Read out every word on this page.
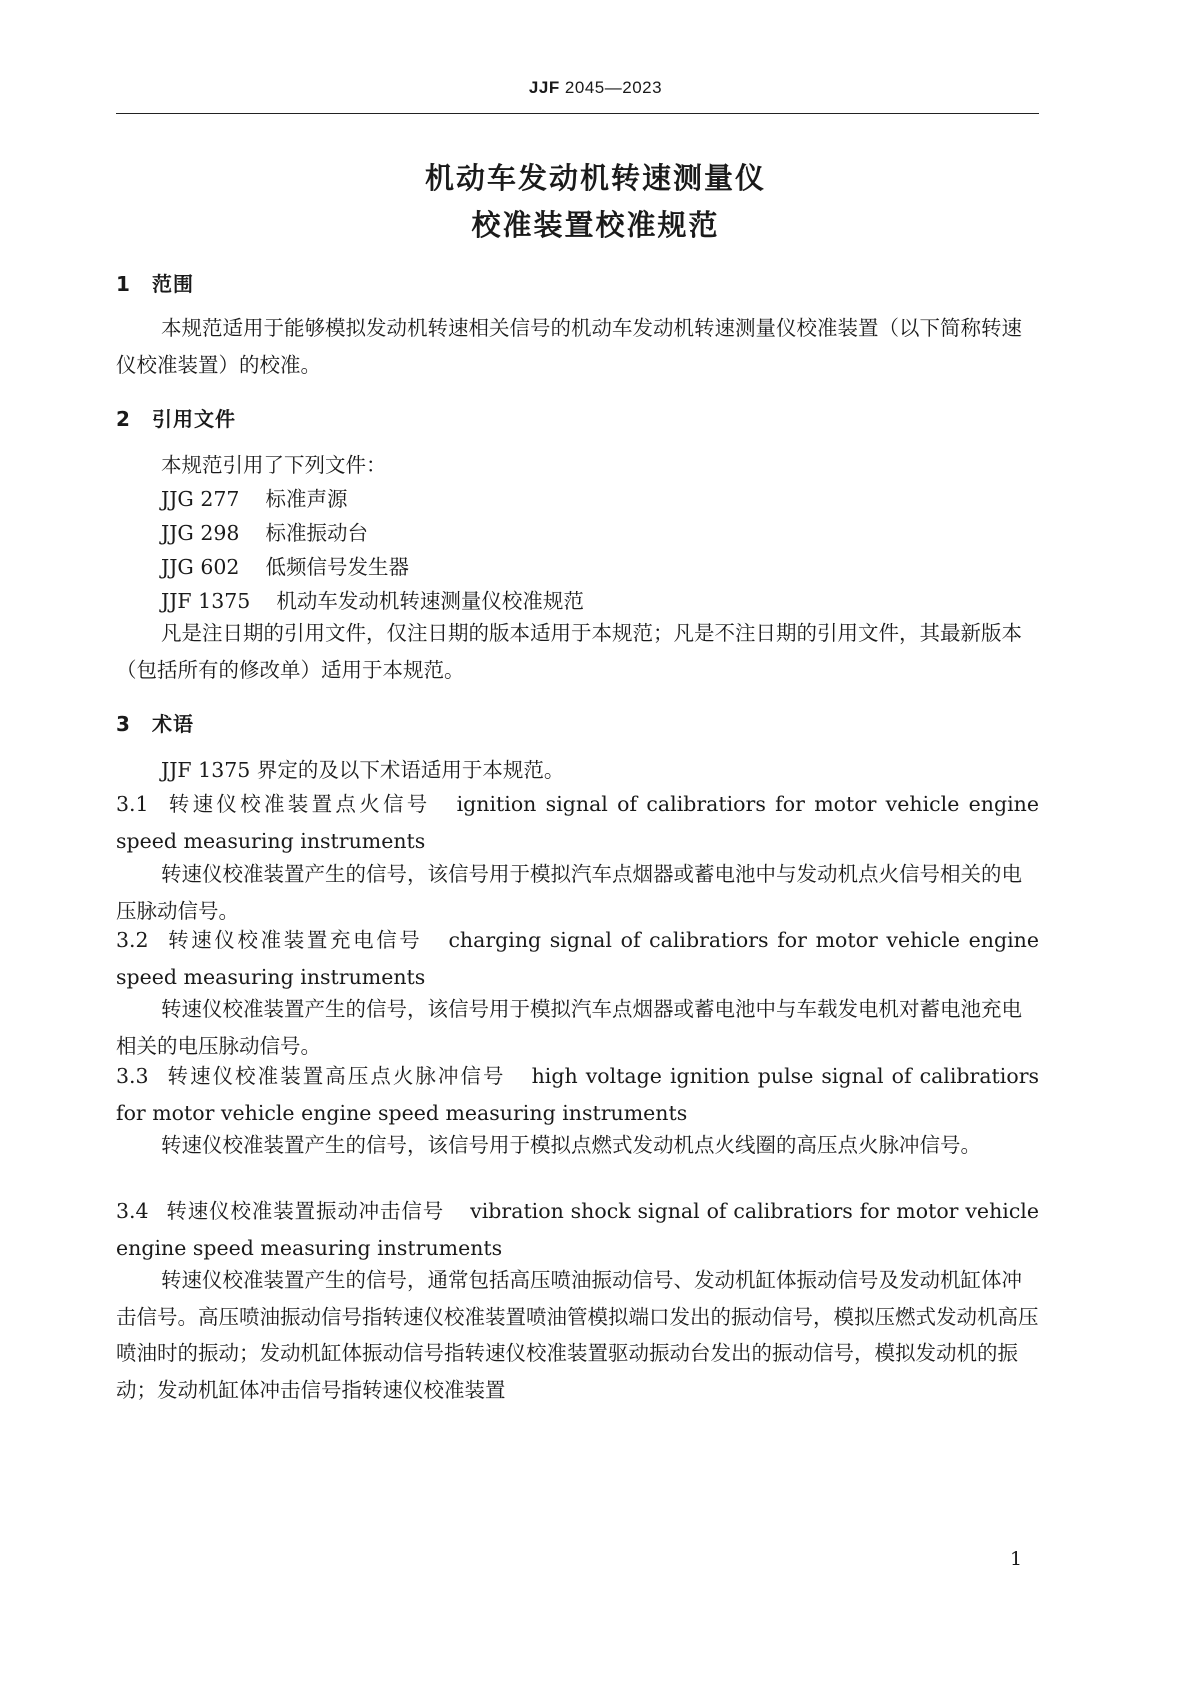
JJF 2045—2023
机动车发动机转速测量仪
校准装置校准规范
1 范围

本规范适用于能够模拟发动机转速相关信号的机动车发动机转速测量仪校准装置（以下简称转速仪校准装置）的校准。

2 引用文件
本规范引用了下列文件：
JJG 277 标准声源
JJG 298 标准振动台
JJG 602 低频信号发生器
JJF 1375 机动车发动机转速测量仪校准规范

凡是注日期的引用文件，仅注日期的版本适用于本规范；凡是不注日期的引用文件，其最新版本（包括所有的修改单）适用于本规范。

3 术语
JJF 1375 界定的及以下术语适用于本规范。
3.1 转速仪校准装置点火信号 ignition signal of calibratiors for motor vehicle engine speed measuring instruments

转速仪校准装置产生的信号，该信号用于模拟汽车点烟器或蓄电池中与发动机点火信号相关的电压脉动信号。

3.2 转速仪校准装置充电信号 charging signal of calibratiors for motor vehicle engine speed measuring instruments

转速仪校准装置产生的信号，该信号用于模拟汽车点烟器或蓄电池中与车载发电机对蓄电池充电相关的电压脉动信号。

3.3 转速仪校准装置高压点火脉冲信号 high voltage ignition pulse signal of calibratiors for motor vehicle engine speed measuring instruments

转速仪校准装置产生的信号，该信号用于模拟点燃式发动机点火线圈的高压点火脉冲信号。

3.4 转速仪校准装置振动冲击信号 vibration shock signal of calibratiors for motor vehicle engine speed measuring instruments

转速仪校准装置产生的信号，通常包括高压喷油振动信号、发动机缸体振动信号及发动机缸体冲击信号。高压喷油振动信号指转速仪校准装置喷油管模拟端口发出的振动信号，模拟压燃式发动机高压喷油时的振动；发动机缸体振动信号指转速仪校准装置驱动振动台发出的振动信号，模拟发动机的振动；发动机缸体冲击信号指转速仪校准装置

1
